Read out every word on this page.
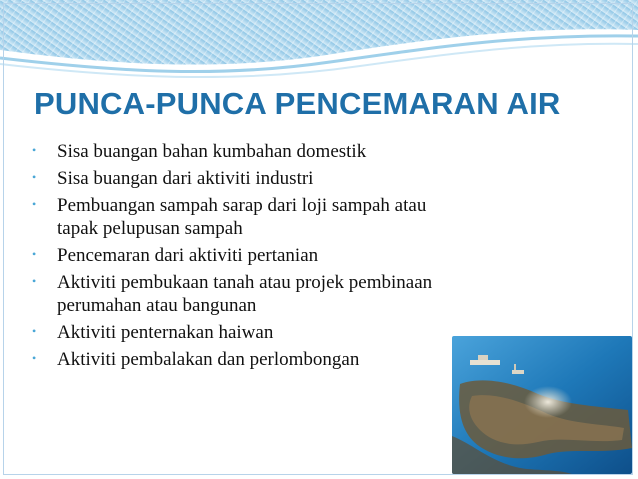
PUNCA-PUNCA PENCEMARAN AIR
• Sisa buangan bahan kumbahan domestik
• Sisa buangan dari aktiviti industri
• Pembuangan sampah sarap dari loji sampah atau
tapak pelupusan sampah
• Pencemaran dari aktiviti pertanian
• Aktiviti pembukaan tanah atau projek pembinaan
perumahan atau bangunan
• Aktiviti penternakan haiwan
• Aktiviti pembalakan dan perlombongan
